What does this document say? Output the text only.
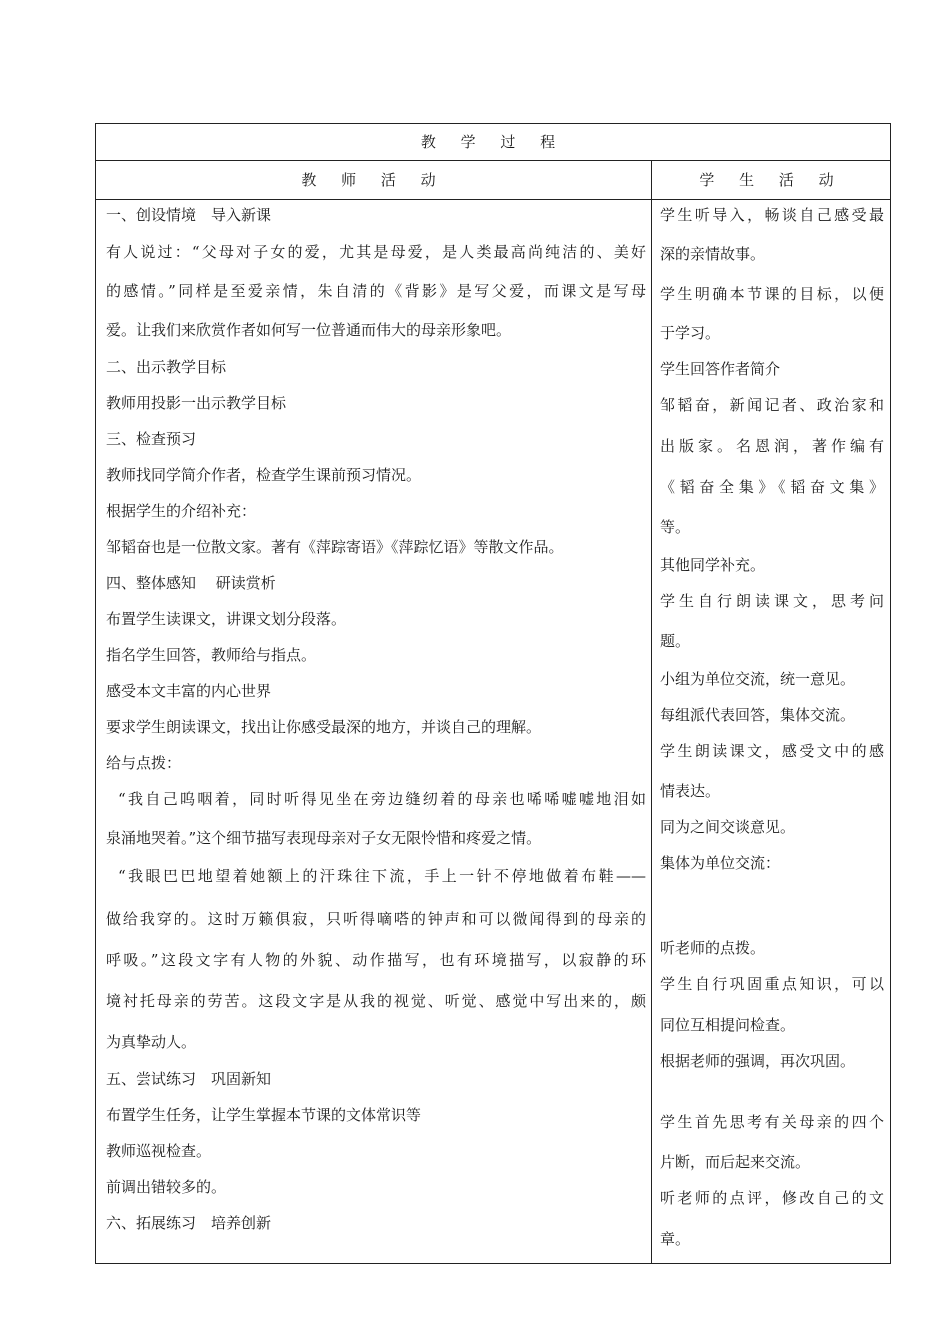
教 学 过 程
教 师 活 动	学 生 活 动
一、创设情境　导入新课
有人说过：“父母对子女的爱，尤其是母爱，是人类最高尚纯洁的、美好
的感情。”同样是至爱亲情，朱自清的《背影》是写父爱，而课文是写母
爱。让我们来欣赏作者如何写一位普通而伟大的母亲形象吧。
二、出示教学目标
教师用投影一出示教学目标
三、检查预习
教师找同学简介作者，检查学生课前预习情况。
根据学生的介绍补充：
邹韬奋也是一位散文家。著有《萍踪寄语》《萍踪忆语》等散文作品。
四、整体感知　 研读赏析
布置学生读课文，讲课文划分段落。
指名学生回答，教师给与指点。
感受本文丰富的内心世界
要求学生朗读课文，找出让你感受最深的地方，并谈自己的理解。
给与点拨：
“我自己呜咽着，同时听得见坐在旁边缝纫着的母亲也唏唏嘘嘘地泪如
泉涌地哭着。”这个细节描写表现母亲对子女无限怜惜和疼爱之情。
“我眼巴巴地望着她额上的汗珠往下流，手上一针不停地做着布鞋——
做给我穿的。这时万籁俱寂，只听得嘀嗒的钟声和可以微闻得到的母亲的
呼吸。”这段文字有人物的外貌、动作描写，也有环境描写，以寂静的环
境衬托母亲的劳苦。这段文字是从我的视觉、听觉、感觉中写出来的，颇
为真挚动人。
五、尝试练习　巩固新知
布置学生任务，让学生掌握本节课的文体常识等
教师巡视检查。
前调出错较多的。
六、拓展练习　培养创新
学生听导入，畅谈自己感受最
深的亲情故事。
学生明确本节课的目标，以便
于学习。
学生回答作者简介
邹韬奋，新闻记者、政治家和
出版家。名恩润，著作编有
《韬奋全集》《韬奋文集》
等。
其他同学补充。
学生自行朗读课文，思考问
题。
小组为单位交流，统一意见。
每组派代表回答，集体交流。
学生朗读课文，感受文中的感
情表达。
同为之间交谈意见。
集体为单位交流：
听老师的点拨。
学生自行巩固重点知识，可以
同位互相提问检查。
根据老师的强调，再次巩固。
学生首先思考有关母亲的四个
片断，而后起来交流。
听老师的点评，修改自己的文
章。
